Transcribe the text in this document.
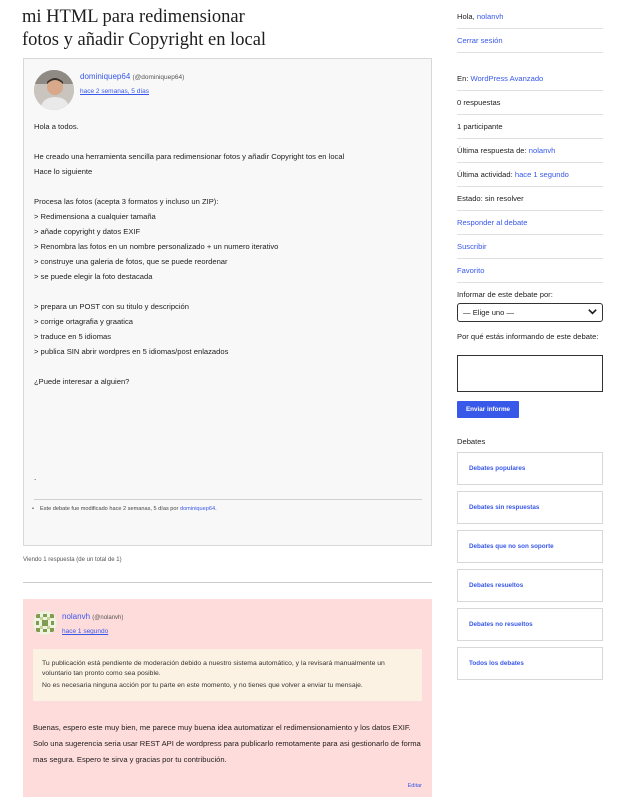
mi HTML para redimensionar
fotos y añadir Copyright en local
dominiquep64 (@dominiquep64)
hace 2 semanas, 5 días

Hola a todos.

He creado una herramienta sencilla para redimensionar fotos y añadir Copyright tos en local

Hace lo siguiente

Procesa las fotos (acepta 3 formatos y incluso un ZIP):

> Redimensiona a cualquier tamaña

> añade copyright y datos EXIF

> Renombra las fotos en un nombre personalizado + un numero iterativo

> construye una galeria de fotos, que se puede reordenar

> se puede elegir la foto destacada

> prepara un POST con su titulo y descripción

> corrige ortagrafia y graatica

> traduce en 5 idiomas

> publica SIN abrir wordpres en 5 idiomas/post enlazados

¿Puede interesar a alguien?

.
• Este debate fue modificado hace 2 semanas, 5 días por dominiquep64.
Viendo 1 respuesta (de un total de 1)
nolanvh (@nolanvh)
hace 1 segundo

Tu publicación está pendiente de moderación debido a nuestro sistema automático, y la revisará manualmente un voluntario tan pronto como sea posible.

No es necesaria ninguna acción por tu parte en este momento, y no tienes que volver a enviar tu mensaje.

Buenas, espero este muy bien, me parece muy buena idea automatizar el redimensionamiento y los datos EXIF. Solo una sugerencia seria usar REST API de wordpress para publicarlo remotamente para asi gestionarlo de forma mas segura. Espero te sirva y gracias por tu contribución.
Editar
Hola, nolanvh
Cerrar sesión
En: WordPress Avanzado
0 respuestas
1 participante
Última respuesta de: nolanvh
Última actividad: hace 1 segundo
Estado: sin resolver
Responder al debate
Suscribir
Favorito
Informar de este debate por:
— Elige uno —
Por qué estás informando de este debate:
Enviar informe
Debates
Debates populares
Debates sin respuestas
Debates que no son soporte
Debates resueltos
Debates no resueltos
Todos los debates
